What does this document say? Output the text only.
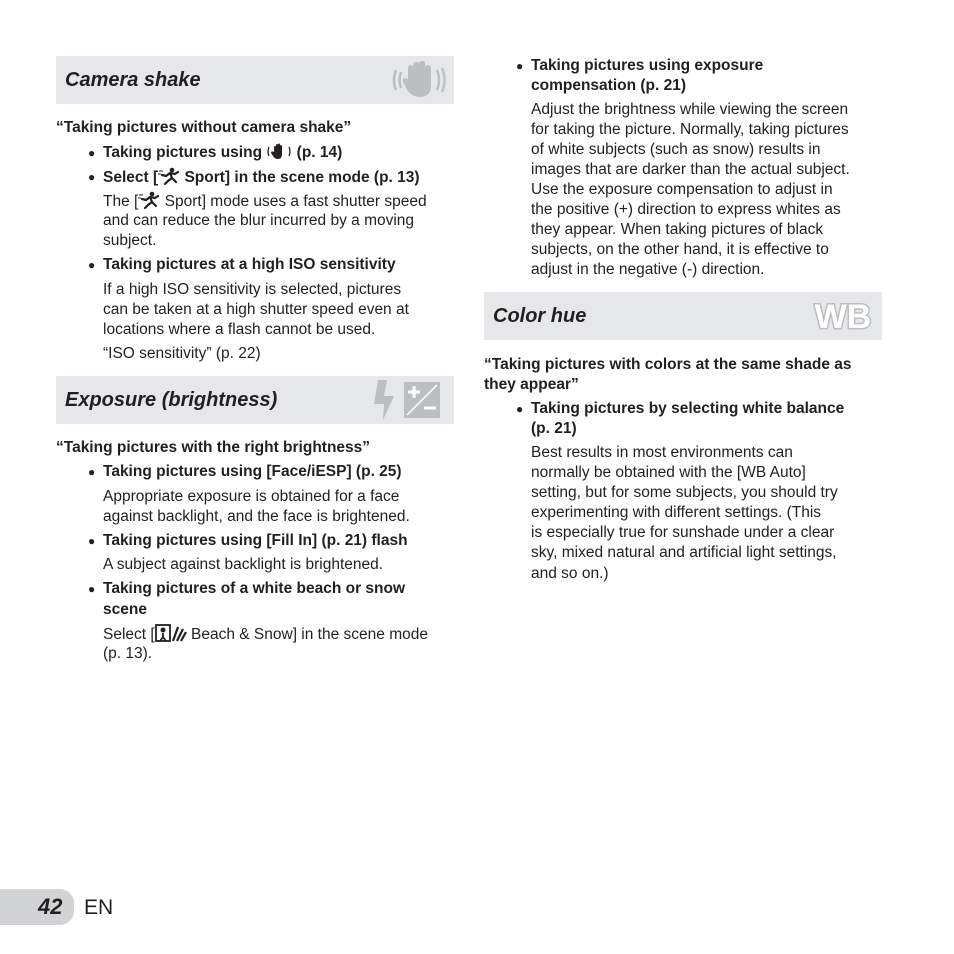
Camera shake
“Taking pictures without camera shake”
● Taking pictures using (p. 14)
● Select [ Sport] in the scene mode (p. 13)
The [ Sport] mode uses a fast shutter speed
and can reduce the blur incurred by a moving
subject.
● Taking pictures at a high ISO sensitivity
If a high ISO sensitivity is selected, pictures
can be taken at a high shutter speed even at
locations where a flash cannot be used.
“ISO sensitivity” (p. 22)
Exposure (brightness)
“Taking pictures with the right brightness”
● Taking pictures using [Face/iESP] (p. 25)
Appropriate exposure is obtained for a face
against backlight, and the face is brightened.
● Taking pictures using [Fill In] (p. 21) flash
A subject against backlight is brightened.
● Taking pictures of a white beach or snow
scene
Select [ Beach & Snow] in the scene mode
(p. 13).
● Taking pictures using exposure
compensation (p. 21)
Adjust the brightness while viewing the screen
for taking the picture. Normally, taking pictures
of white subjects (such as snow) results in
images that are darker than the actual subject.
Use the exposure compensation to adjust in
the positive (+) direction to express whites as
they appear. When taking pictures of black
subjects, on the other hand, it is effective to
adjust in the negative (-) direction.
Color hue	WB
“Taking pictures with colors at the same shade as
they appear”
● Taking pictures by selecting white balance
(p. 21)
Best results in most environments can
normally be obtained with the [WB Auto]
setting, but for some subjects, you should try
experimenting with different settings. (This
is especially true for sunshade under a clear
sky, mixed natural and artificial light settings,
and so on.)
42 EN
